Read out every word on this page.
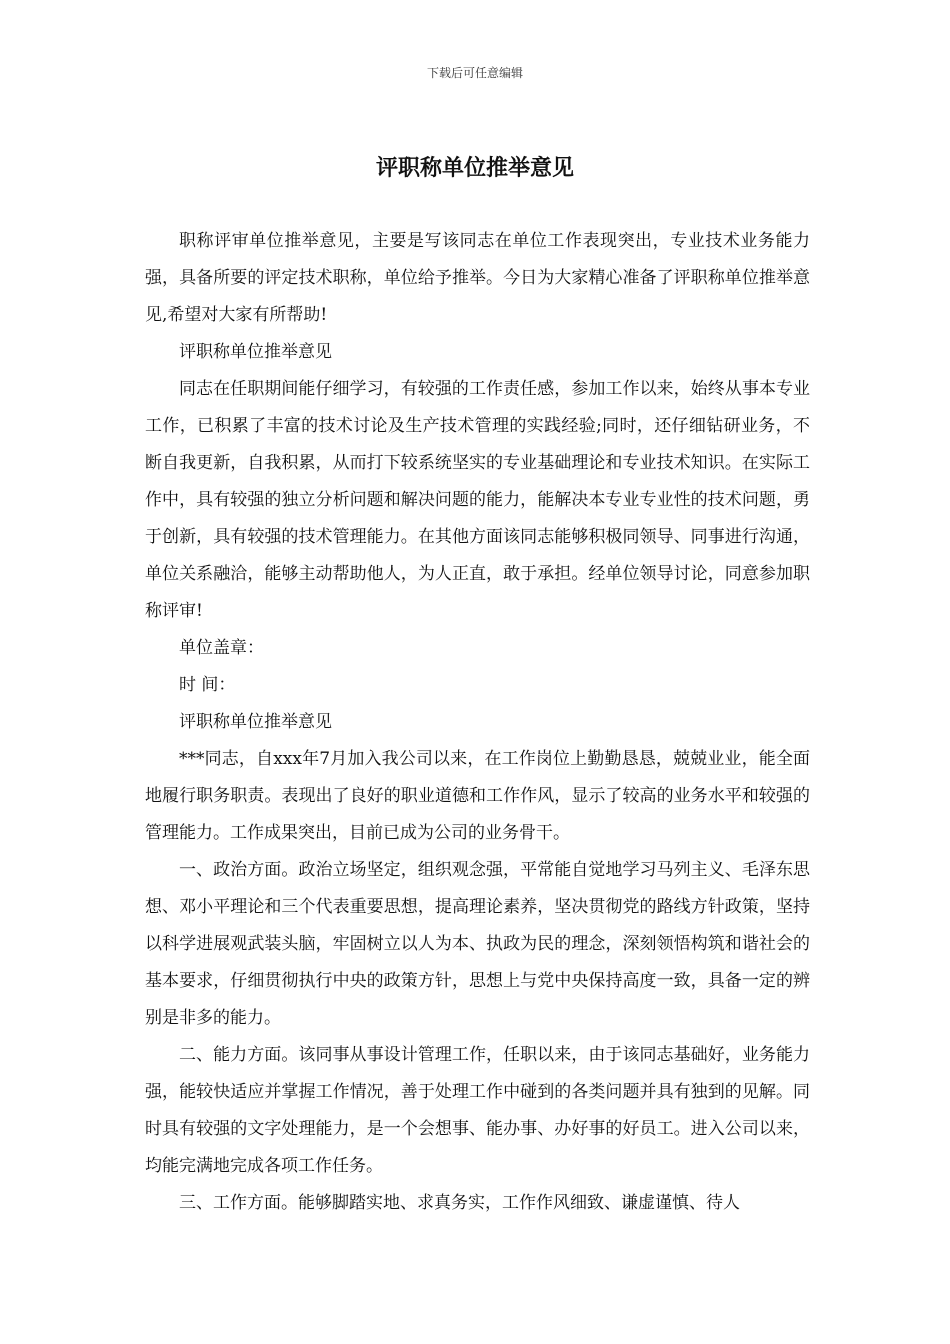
下载后可任意编辑
评职称单位推举意见

职称评审单位推举意见，主要是写该同志在单位工作表现突出，专业技术业务能力强，具备所要的评定技术职称，单位给予推举。今日为大家精心准备了评职称单位推举意见,希望对大家有所帮助!

评职称单位推举意见

同志在任职期间能仔细学习，有较强的工作责任感，参加工作以来，始终从事本专业工作，已积累了丰富的技术讨论及生产技术管理的实践经验;同时，还仔细钻研业务，不断自我更新，自我积累，从而打下较系统坚实的专业基础理论和专业技术知识。在实际工作中，具有较强的独立分析问题和解决问题的能力，能解决本专业专业性的技术问题，勇于创新，具有较强的技术管理能力。在其他方面该同志能够积极同领导、同事进行沟通，单位关系融洽，能够主动帮助他人，为人正直，敢于承担。经单位领导讨论，同意参加职称评审!

单位盖章：

时 间：

评职称单位推举意见

***同志，自xxx年7月加入我公司以来，在工作岗位上勤勤恳恳，兢兢业业，能全面地履行职务职责。表现出了良好的职业道德和工作作风，显示了较高的业务水平和较强的管理能力。工作成果突出，目前已成为公司的业务骨干。

一、政治方面。政治立场坚定，组织观念强，平常能自觉地学习马列主义、毛泽东思想、邓小平理论和三个代表重要思想，提高理论素养，坚决贯彻党的路线方针政策，坚持以科学进展观武装头脑，牢固树立以人为本、执政为民的理念，深刻领悟构筑和谐社会的基本要求，仔细贯彻执行中央的政策方针，思想上与党中央保持高度一致，具备一定的辨别是非多的能力。

二、能力方面。该同事从事设计管理工作，任职以来，由于该同志基础好，业务能力强，能较快适应并掌握工作情况，善于处理工作中碰到的各类问题并具有独到的见解。同时具有较强的文字处理能力，是一个会想事、能办事、办好事的好员工。进入公司以来，均能完满地完成各项工作任务。

三、工作方面。能够脚踏实地、求真务实，工作作风细致、谦虚谨慎、待人
